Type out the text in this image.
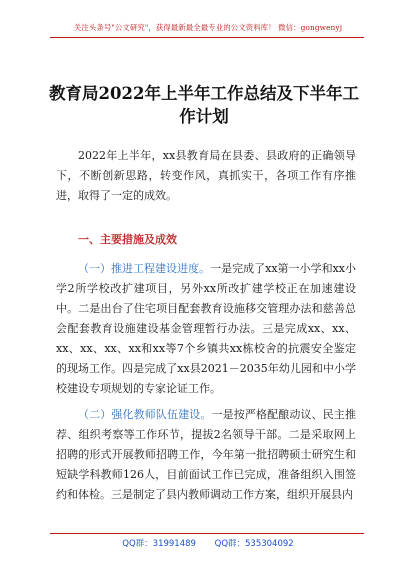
关注头条号"公文研究"，获得最新最全最专业的公文资料库！ 微信：gongwenyj
教育局2022年上半年工作总结及下半年工作计划

2022年上半年，xx县教育局在县委、县政府的正确领导下，不断创新思路，转变作风，真抓实干，各项工作有序推进，取得了一定的成效。

一、主要措施及成效

（一）推进工程建设进度。一是完成了xx第一小学和xx小学2所学校改扩建项目，另外xx所改扩建学校正在加速建设中。二是出台了住宅项目配套教育设施移交管理办法和慈善总会配套教育设施建设基金管理暂行办法。三是完成xx、xx、xx、xx、xx、xx和xx等7个乡镇共xx栋校舍的抗震安全鉴定的现场工作。四是完成了xx县2021－2035年幼儿园和中小学校建设专项规划的专家论证工作。

（二）强化教师队伍建设。一是按严格配酿动议、民主推荐、组织考察等工作环节，提拔2名领导干部。二是采取网上招聘的形式开展教师招聘工作，今年第一批招聘硕士研究生和短缺学科教师126人，目前面试工作已完成，准备组织入围签约和体检。三是制定了县内教师调动工作方案，组织开展县内

QQ群：31991489 QQ群：535304092
